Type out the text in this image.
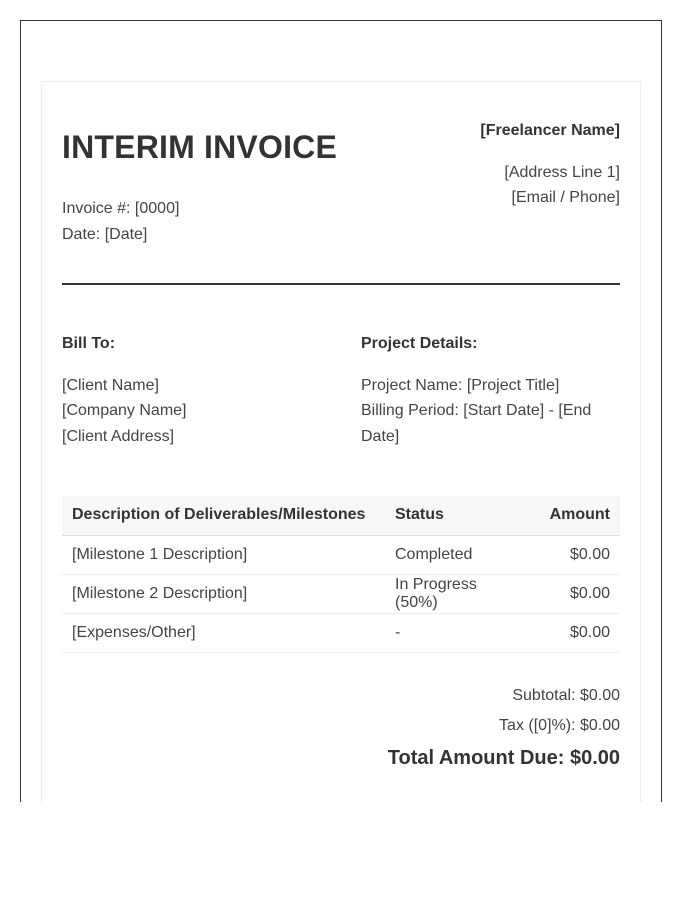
INTERIM INVOICE
Invoice #: [0000]
Date: [Date]
[Freelancer Name]
[Address Line 1]
[Email / Phone]
Bill To:
[Client Name]
[Company Name]
[Client Address]
Project Details:
Project Name: [Project Title]
Billing Period: [Start Date] - [End
Date]
Description of Deliverables/Milestones	Status	Amount
[Milestone 1 Description]	Completed	$0.00
[Milestone 2 Description]	In Progress (50%)	$0.00
[Expenses/Other]	-	$0.00
Subtotal: $0.00
Tax ([0]%): $0.00
Total Amount Due: $0.00
